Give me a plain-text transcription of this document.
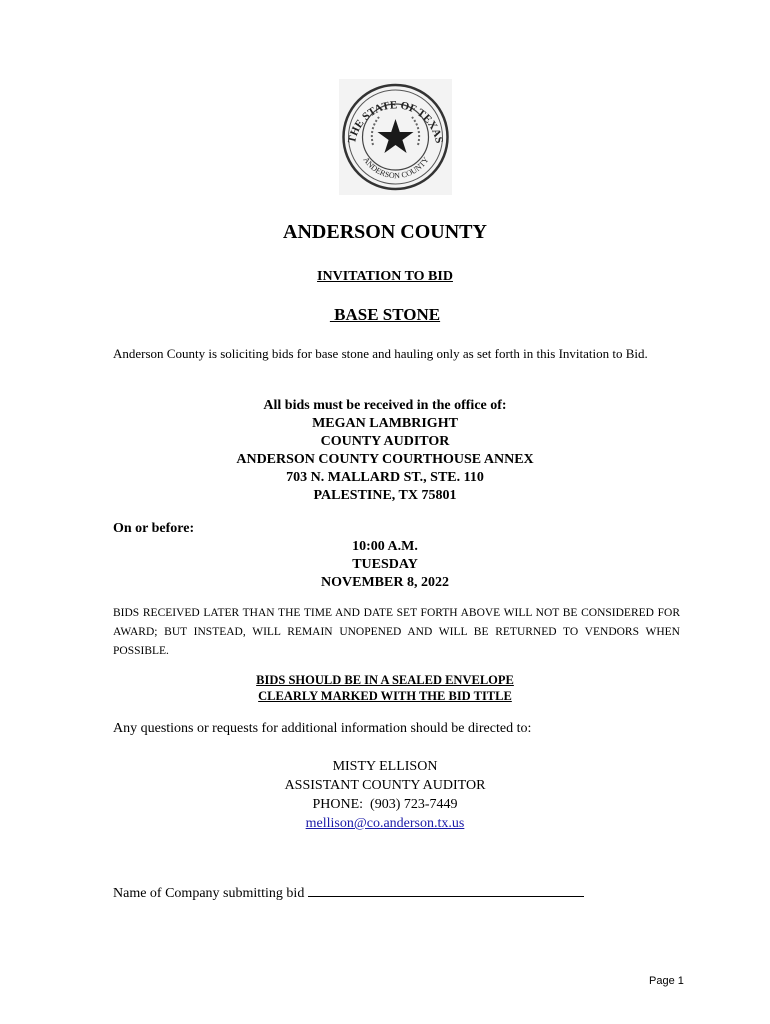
THE STATE OF TEXAS
ANDERSON COUNTY
ANDERSON COUNTY
INVITATION TO BID
BASE STONE
Anderson County is soliciting bids for base stone and hauling only as set forth in this Invitation to Bid.
All bids must be received in the office of:
MEGAN LAMBRIGHT
COUNTY AUDITOR
ANDERSON COUNTY COURTHOUSE ANNEX
703 N. MALLARD ST., STE. 110
PALESTINE, TX 75801
On or before:
10:00 A.M.
TUESDAY
NOVEMBER 8, 2022
BIDS RECEIVED LATER THAN THE TIME AND DATE SET FORTH ABOVE WILL NOT BE CONSIDERED FOR AWARD; BUT INSTEAD, WILL REMAIN UNOPENED AND WILL BE RETURNED TO VENDORS WHEN POSSIBLE.
BIDS SHOULD BE IN A SEALED ENVELOPE
CLEARLY MARKED WITH THE BID TITLE
Any questions or requests for additional information should be directed to:
MISTY ELLISON
ASSISTANT COUNTY AUDITOR
PHONE:  (903) 723-7449
mellison@co.anderson.tx.us
Name of Company submitting bid
Page 1
